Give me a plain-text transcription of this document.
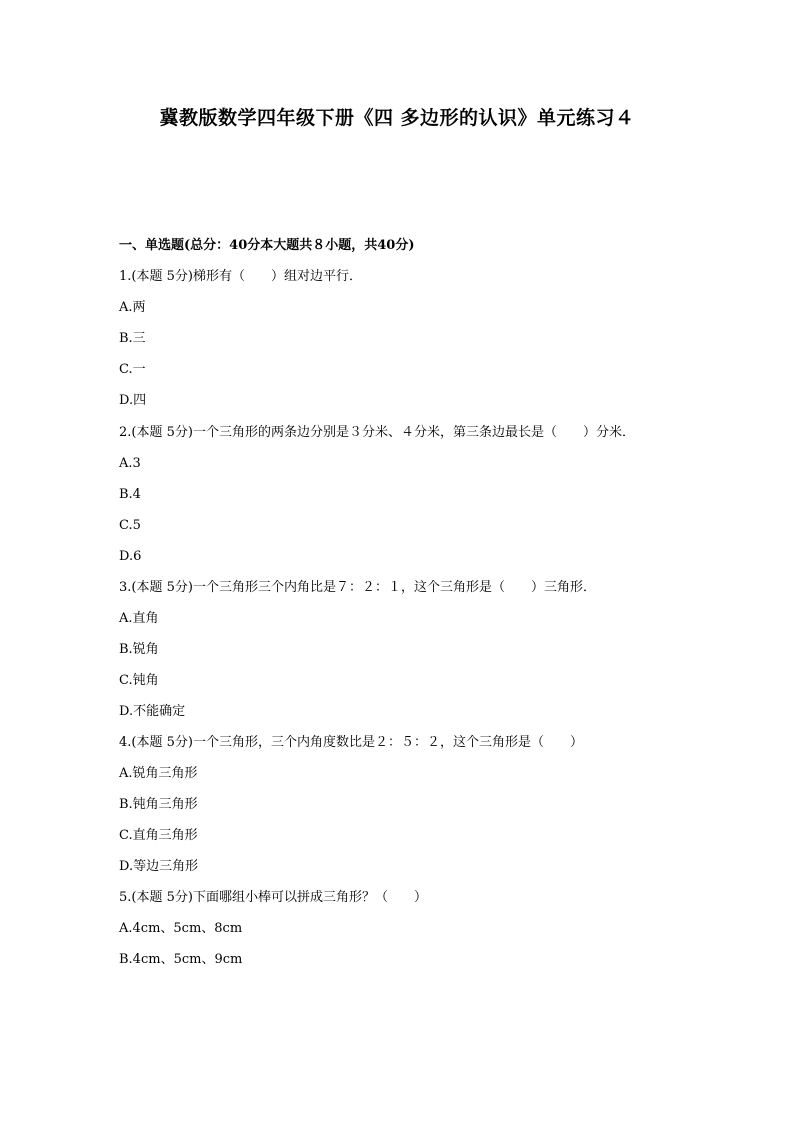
冀教版数学四年级下册《四 多边形的认识》单元练习４
一、单选题(总分：40分本大题共８小题，共40分)
1.(本题 5分)梯形有（　　）组对边平行．
A.两
B.三
C.一
D.四
2.(本题 5分)一个三角形的两条边分别是３分米、４分米，第三条边最长是（　　）分米．
A.3
B.4
C.5
D.6
3.(本题 5分)一个三角形三个内角比是７：２：１，这个三角形是（　　）三角形．
A.直角
B.锐角
C.钝角
D.不能确定
4.(本题 5分)一个三角形，三个内角度数比是２：５：２，这个三角形是（　　）
A.锐角三角形
B.钝角三角形
C.直角三角形
D.等边三角形
5.(本题 5分)下面哪组小棒可以拼成三角形？（　　）
A.4cm、5cm、8cm
B.4cm、5cm、9cm
